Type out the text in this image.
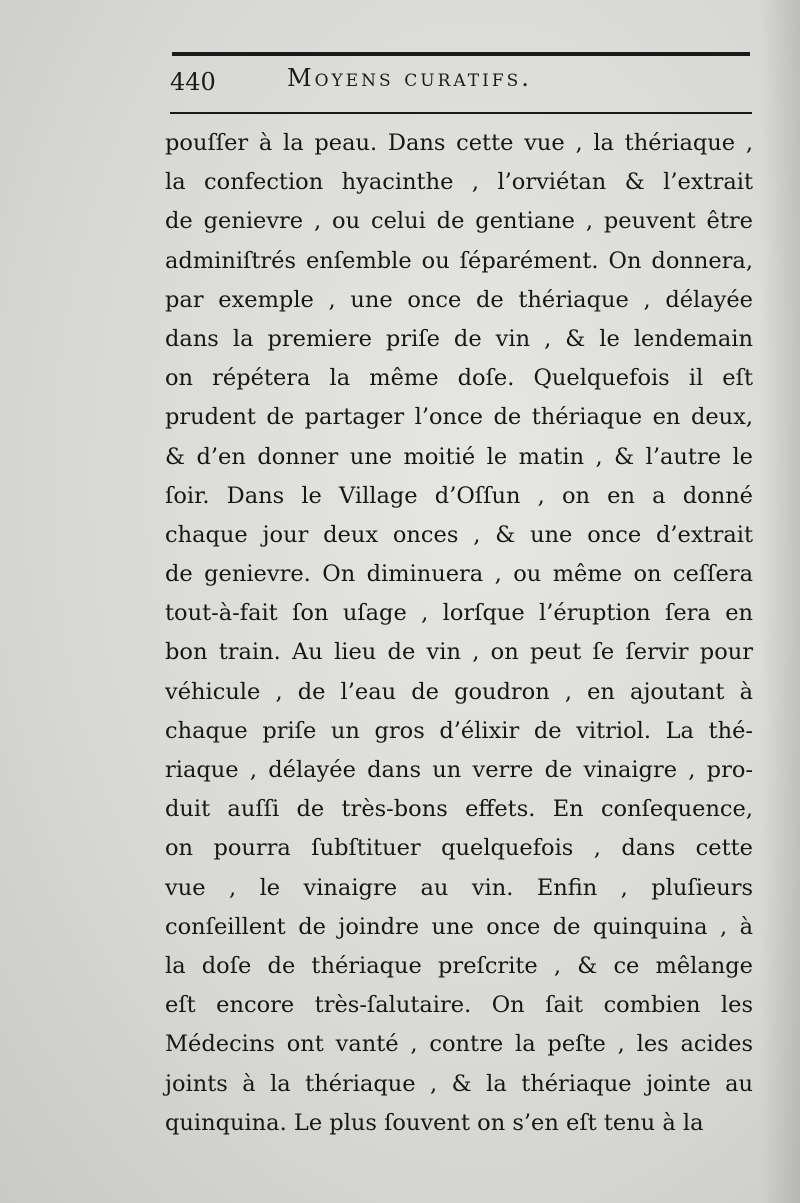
440	Moyens curatifs.
pouſſer à la peau. Dans cette vue , la thériaque ,
la confection hyacinthe , l’orviétan & l’extrait
de genievre , ou celui de gentiane , peuvent être
adminiſtrés enſemble ou ſéparément. On donnera,
par exemple , une once de thériaque , délayée
dans la premiere priſe de vin , & le lendemain
on répétera la même doſe. Quelquefois il eſt
prudent de partager l’once de thériaque en deux,
& d’en donner une moitié le matin , & l’autre le
ſoir. Dans le Village d’Oſſun , on en a donné
chaque jour deux onces , & une once d’extrait
de genievre. On diminuera , ou même on ceſſera
tout-à-fait ſon uſage , lorſque l’éruption ſera en
bon train. Au lieu de vin , on peut ſe ſervir pour
véhicule , de l’eau de goudron , en ajoutant à
chaque priſe un gros d’élixir de vitriol. La thé-
riaque , délayée dans un verre de vinaigre , pro-
duit auſſi de très-bons effets. En conſequence,
on pourra ſubſtituer quelquefois , dans cette
vue , le vinaigre au vin. Enfin , pluſieurs
conſeillent de joindre une once de quinquina , à
la doſe de thériaque preſcrite , & ce mêlange
eſt encore très-ſalutaire. On ſait combien les
Médecins ont vanté , contre la peſte , les acides
joints à la thériaque , & la thériaque jointe au
quinquina. Le plus ſouvent on s’en eſt tenu à la
